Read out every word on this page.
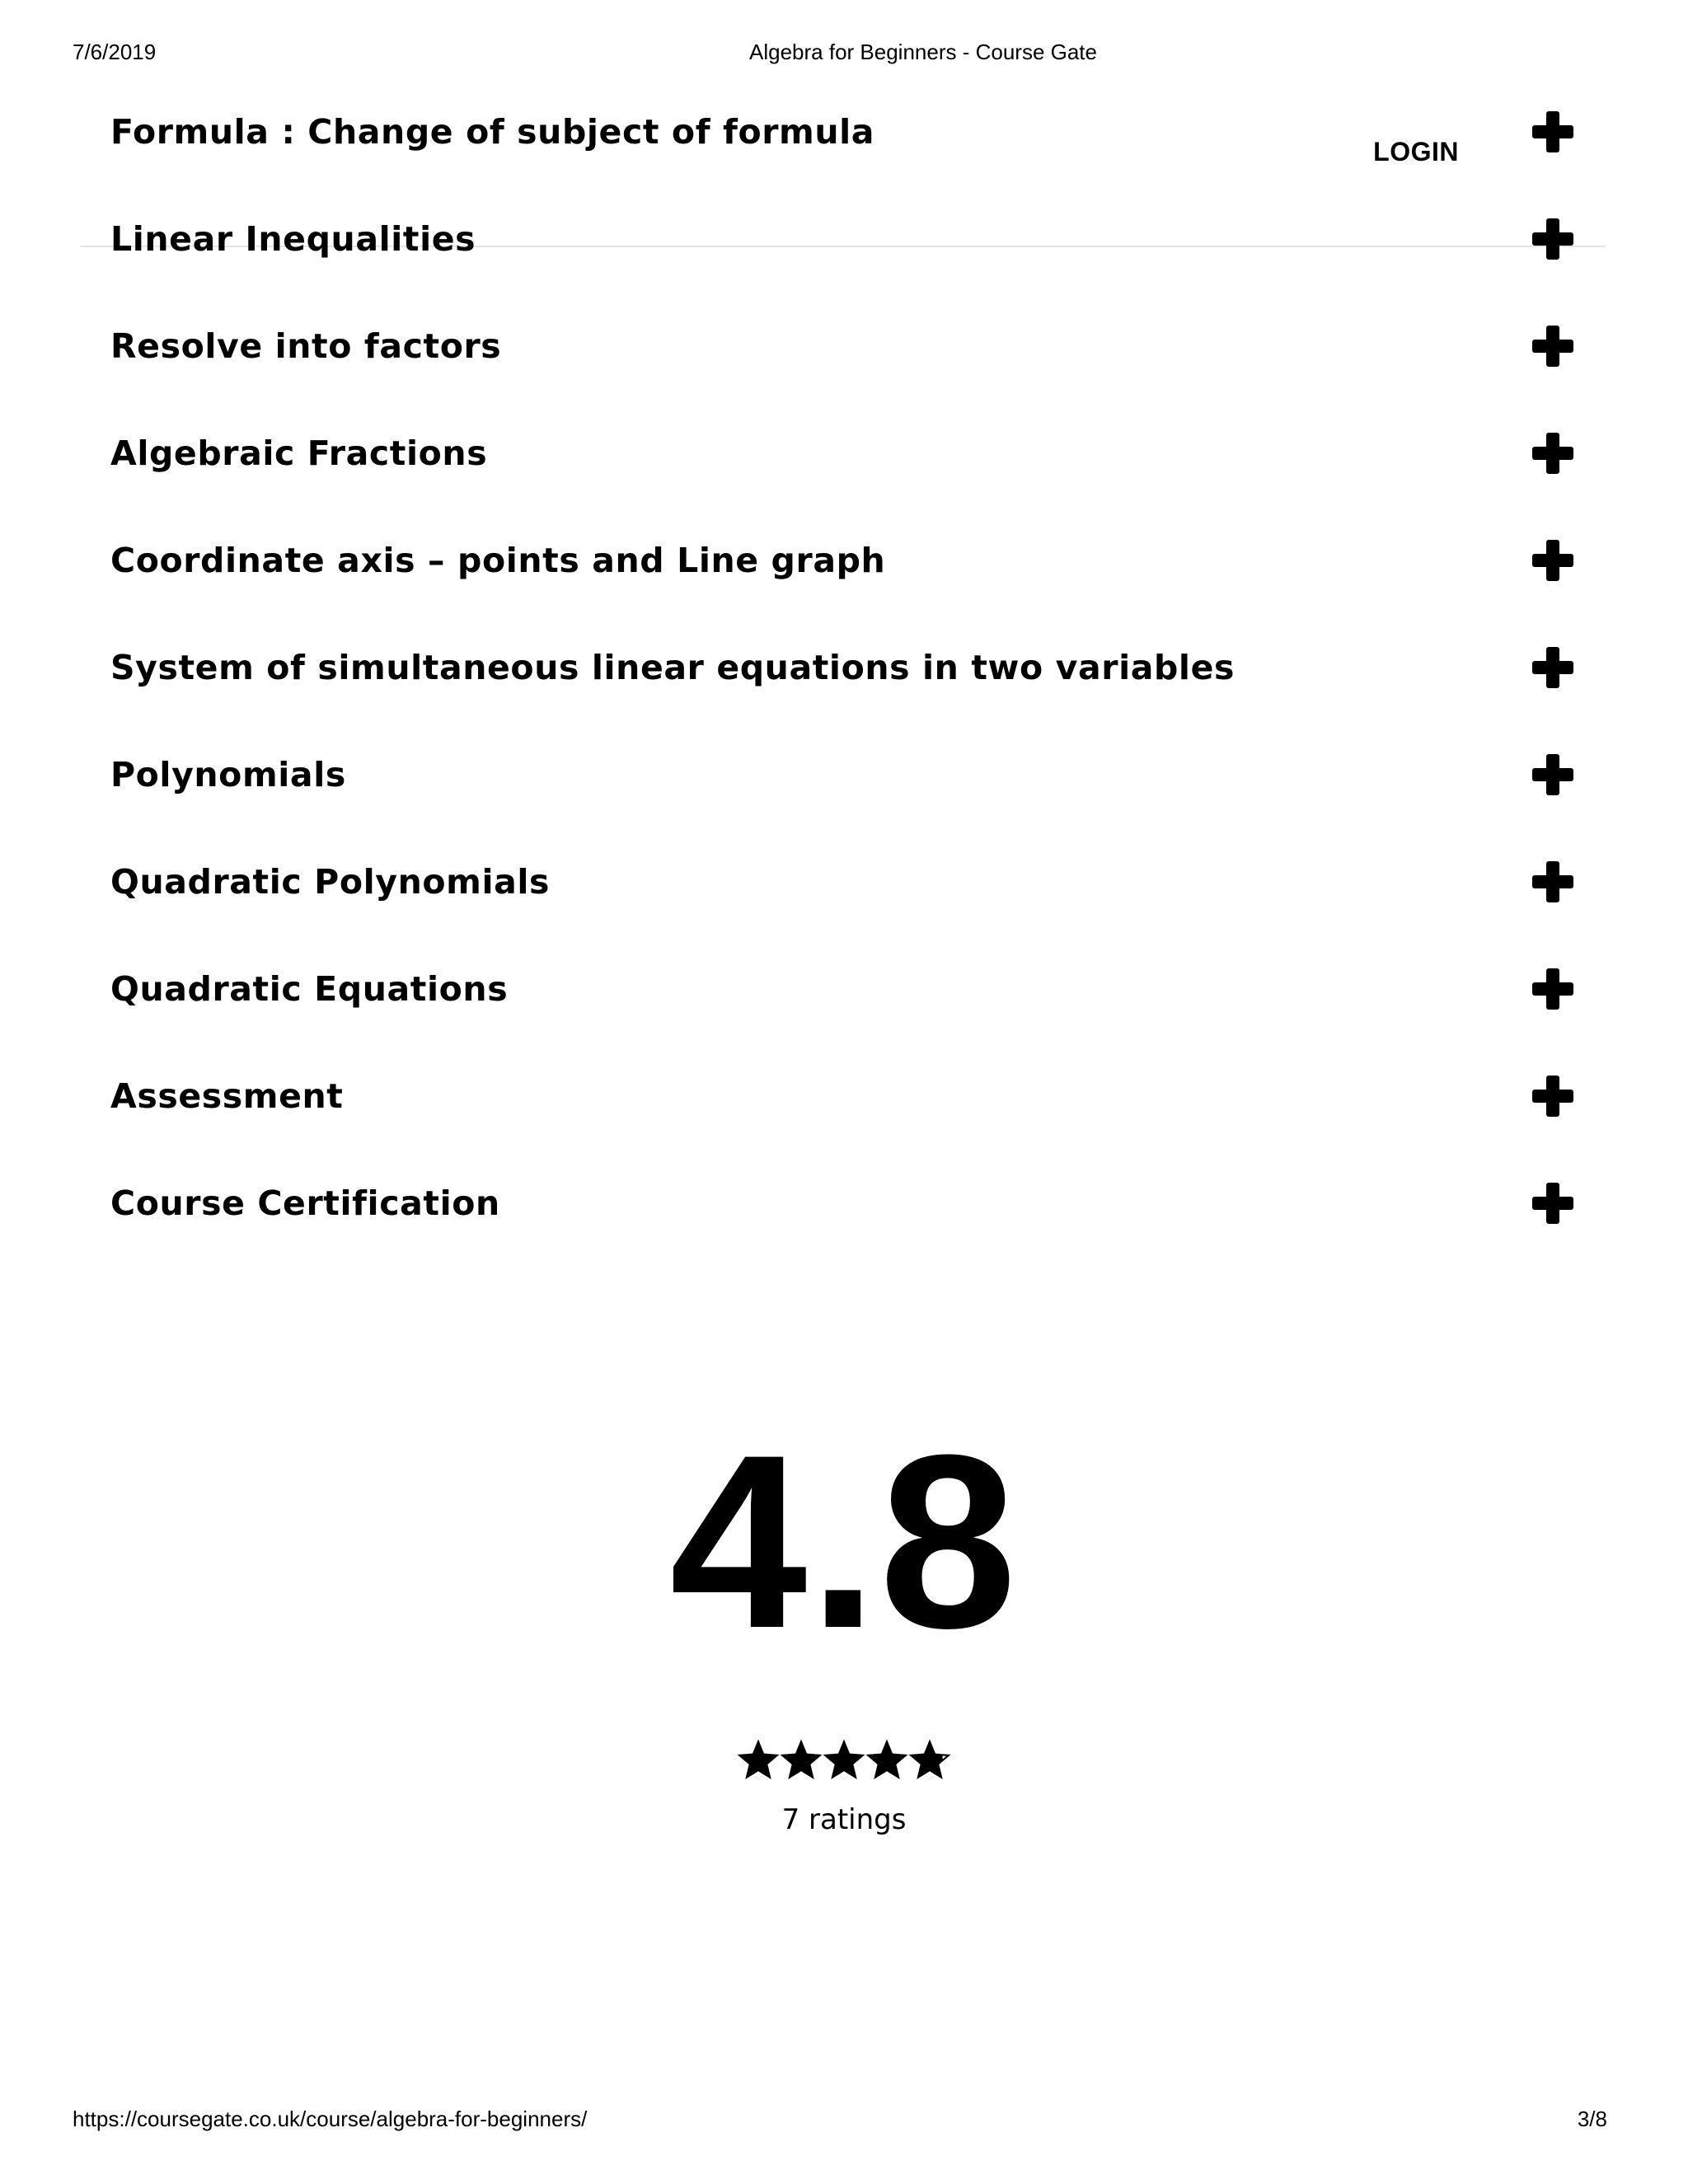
7/6/2019	Algebra for Beginners - Course Gate
LOGIN
Formula : Change of subject of formula
Linear Inequalities
Resolve into factors
Algebraic Fractions
Coordinate axis – points and Line graph
System of simultaneous linear equations in two variables
Polynomials
Quadratic Polynomials
Quadratic Equations
Assessment
Course Certification
4.8
7 ratings
https://coursegate.co.uk/course/algebra-for-beginners/	3/8
